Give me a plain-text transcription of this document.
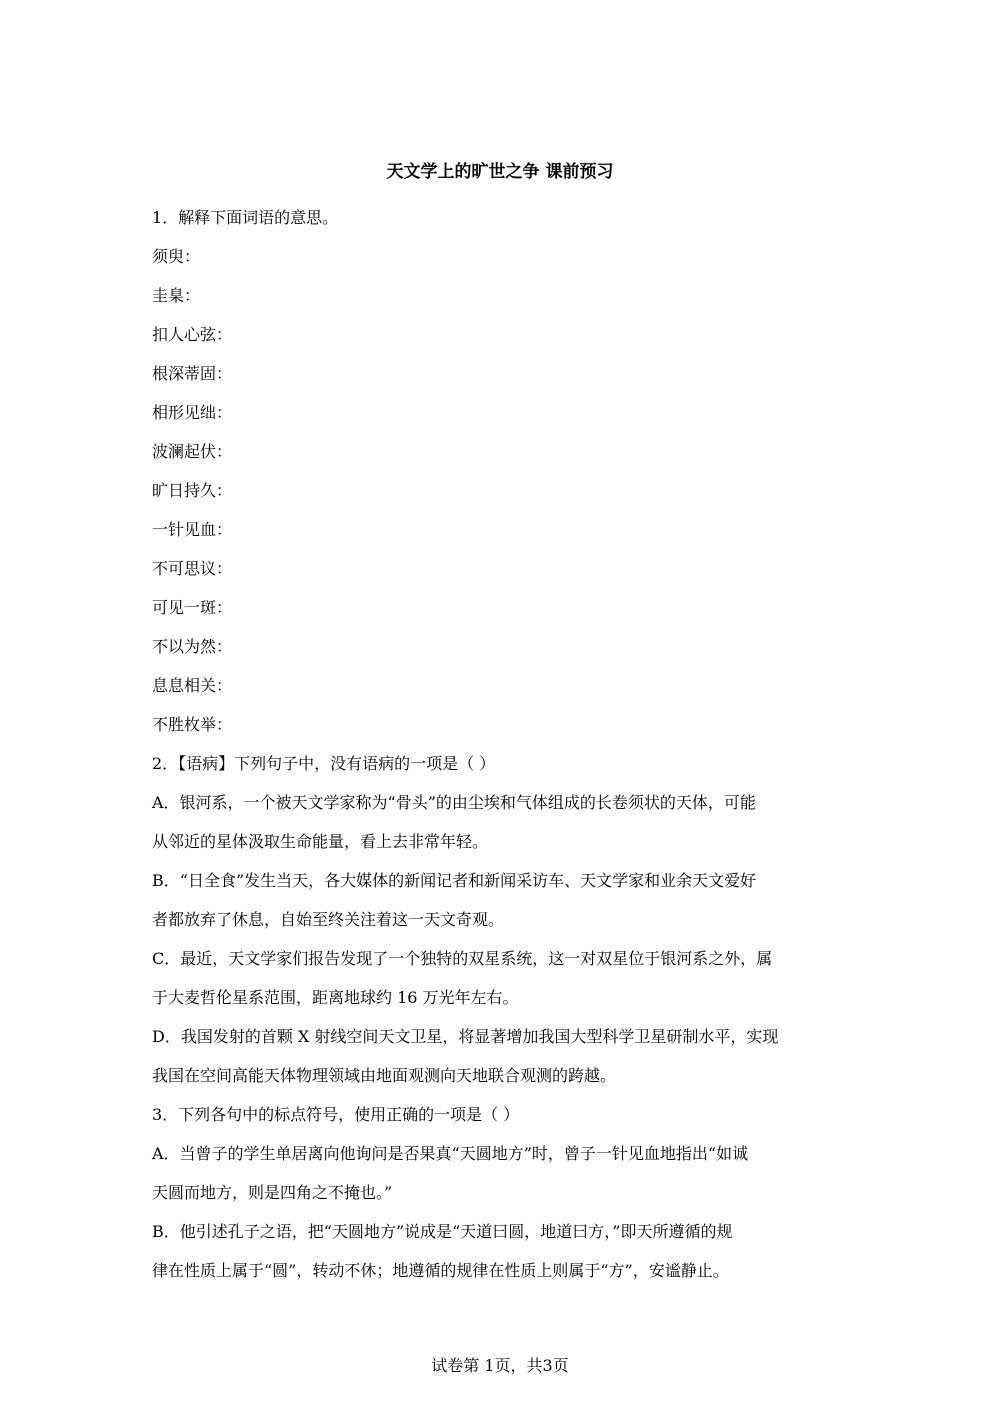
天文学上的旷世之争 课前预习
1．解释下面词语的意思。
须臾：
圭臬：
扣人心弦：
根深蒂固：
相形见绌：
波澜起伏：
旷日持久：
一针见血：
不可思议：
可见一斑：
不以为然：
息息相关：
不胜枚举：
2．【语病】下列句子中，没有语病的一项是（ ）
A．银河系，一个被天文学家称为“骨头”的由尘埃和气体组成的长卷须状的天体，可能
从邻近的星体汲取生命能量，看上去非常年轻。
B．“日全食”发生当天，各大媒体的新闻记者和新闻采访车、天文学家和业余天文爱好
者都放弃了休息，自始至终关注着这一天文奇观。
C．最近，天文学家们报告发现了一个独特的双星系统，这一对双星位于银河系之外，属
于大麦哲伦星系范围，距离地球约 16 万光年左右。
D．我国发射的首颗 X 射线空间天文卫星，将显著增加我国大型科学卫星研制水平，实现
我国在空间高能天体物理领域由地面观测向天地联合观测的跨越。
3．下列各句中的标点符号，使用正确的一项是（ ）
A．当曾子的学生单居离向他询问是否果真“天圆地方”时，曾子一针见血地指出“如诚
天圆而地方，则是四角之不掩也。”
B．他引述孔子之语，把“天圆地方”说成是“天道曰圆，地道曰方，”即天所遵循的规
律在性质上属于“圆”，转动不休；地遵循的规律在性质上则属于“方”，安谧静止。
试卷第 1页，共3页
